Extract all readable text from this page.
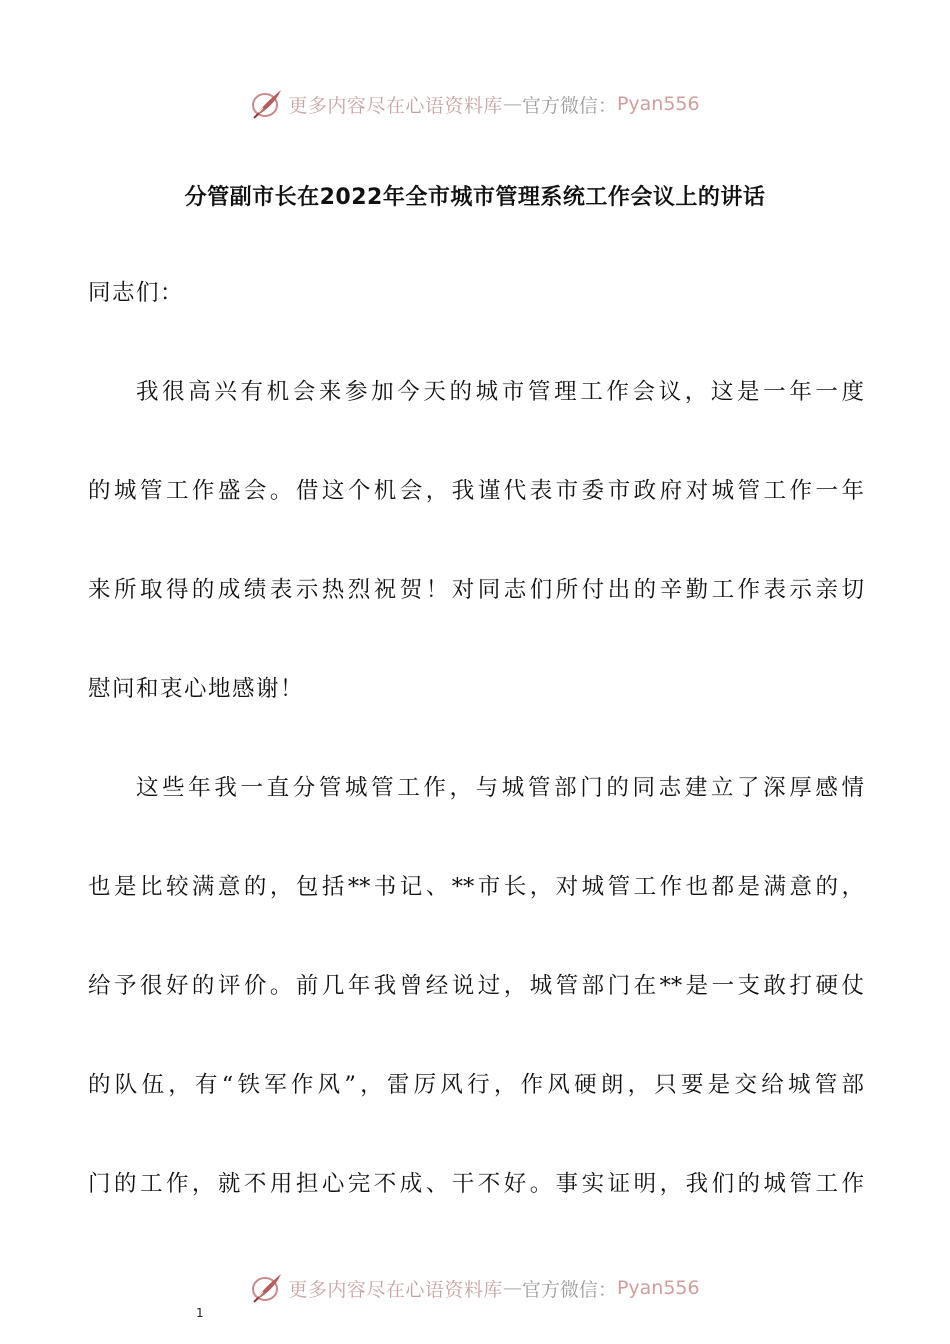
更多内容尽在心语资料库 — 官方微信： Pyan556
分管副市长在2022年全市城市管理系统工作会议上的讲话
同志们：
我很高兴有机会来参加今天的城市管理工作会议，这是一年一度
的城管工作盛会。借这个机会，我谨代表市委市政府对城管工作一年
来所取得的成绩表示热烈祝贺！对同志们所付出的辛勤工作表示亲切
慰问和衷心地感谢！
这些年我一直分管城管工作，与城管部门的同志建立了深厚感情
也是比较满意的，包括**书记、**市长，对城管工作也都是满意的，
给予很好的评价。前几年我曾经说过，城管部门在**是一支敢打硬仗
的队伍，有“铁军作风”，雷厉风行，作风硬朗，只要是交给城管部
门的工作，就不用担心完不成、干不好。事实证明，我们的城管工作
更多内容尽在心语资料库 — 官方微信： Pyan556
1
